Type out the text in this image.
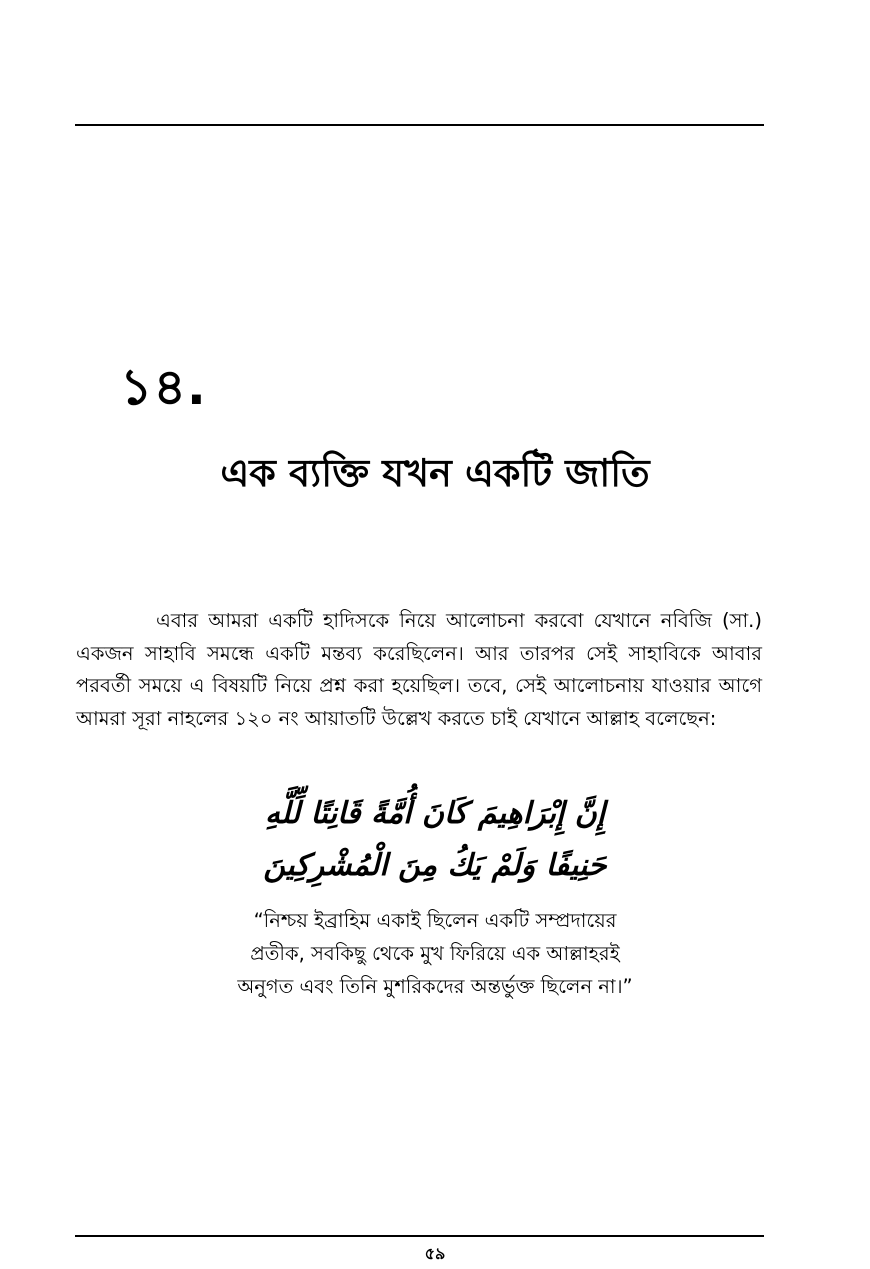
১৪.
এক ব্যক্তি যখন একটি জাতি

এবার আমরা একটি হাদিসকে নিয়ে আলোচনা করবো যেখানে নবিজি (সা.) একজন সাহাবি সমন্ধে একটি মন্তব্য করেছিলেন। আর তারপর সেই সাহাবিকে আবার পরবর্তী সময়ে এ বিষয়টি নিয়ে প্রশ্ন করা হয়েছিল। তবে, সেই আলোচনায় যাওয়ার আগে আমরা সূরা নাহলের ১২০ নং আয়াতটি উল্লেখ করতে চাই যেখানে আল্লাহ বলেছেন:

إِنَّ إِبْرَاهِيمَ كَانَ أُمَّةً قَانِتًا لِّلَّهِ
حَنِيفًا وَلَمْ يَكُ مِنَ الْمُشْرِكِينَ
“নিশ্চয় ইব্রাহিম একাই ছিলেন একটি সম্প্রদায়ের
প্রতীক, সবকিছু থেকে মুখ ফিরিয়ে এক আল্লাহরই
অনুগত এবং তিনি মুশরিকদের অন্তর্ভুক্ত ছিলেন না।”
৫৯
